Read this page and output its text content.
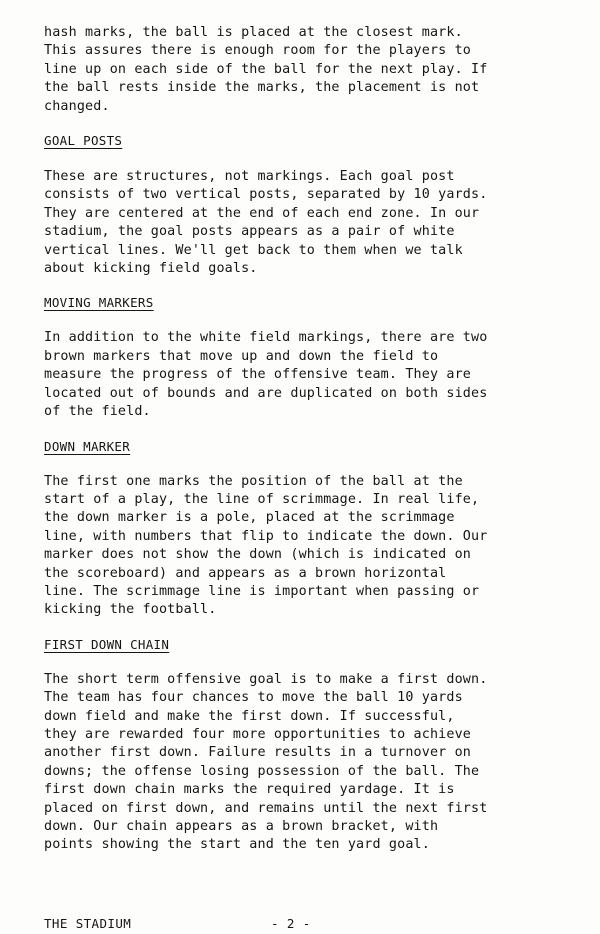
hash marks, the ball is placed at the closest mark.
This assures there is enough room for the players to
line up on each side of the ball for the next play. If
the ball rests inside the marks, the placement is not
changed.

GOAL POSTS

These are structures, not markings. Each goal post
consists of two vertical posts, separated by 10 yards.
They are centered at the end of each end zone. In our
stadium, the goal posts appears as a pair of white
vertical lines. We'll get back to them when we talk
about kicking field goals.

MOVING MARKERS

In addition to the white field markings, there are two
brown markers that move up and down the field to
measure the progress of the offensive team. They are
located out of bounds and are duplicated on both sides
of the field.

DOWN MARKER

The first one marks the position of the ball at the
start of a play, the line of scrimmage. In real life,
the down marker is a pole, placed at the scrimmage
line, with numbers that flip to indicate the down. Our
marker does not show the down (which is indicated on
the scoreboard) and appears as a brown horizontal
line. The scrimmage line is important when passing or
kicking the football.

FIRST DOWN CHAIN

The short term offensive goal is to make a first down.
The team has four chances to move the ball 10 yards
down field and make the first down. If successful,
they are rewarded four more opportunities to achieve
another first down. Failure results in a turnover on
downs; the offense losing possession of the ball. The
first down chain marks the required yardage. It is
placed on first down, and remains until the next first
down. Our chain appears as a brown bracket, with
points showing the start and the ten yard goal.

THE STADIUM	- 2 -
